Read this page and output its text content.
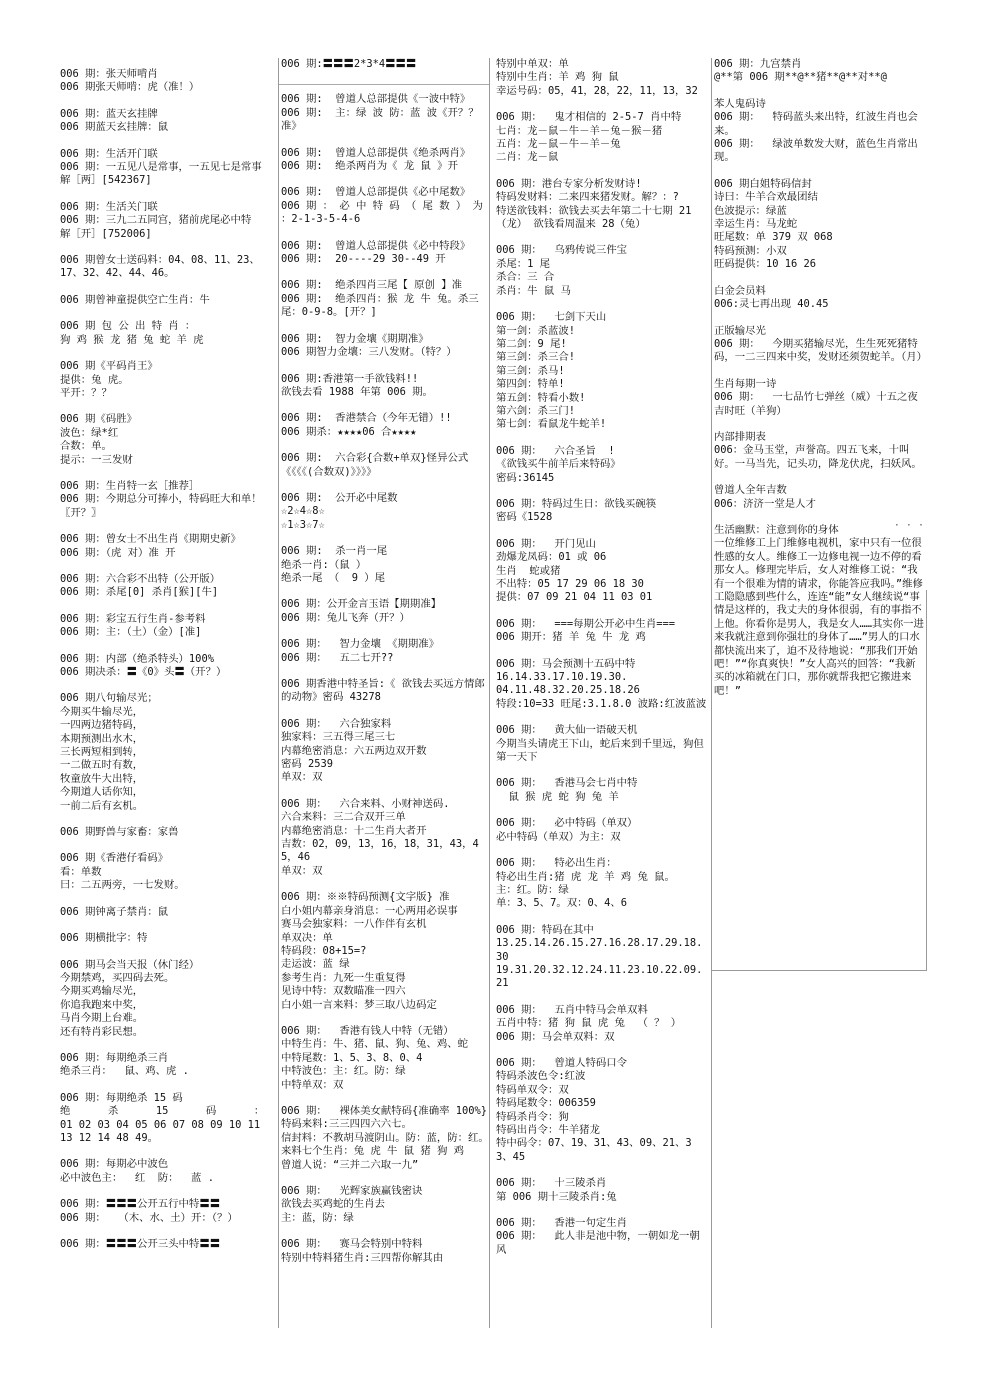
006 期：张天师啃肖
006 期张天师啃：虎（准！）
006 期：蓝天玄挂牌
006 期蓝天玄挂牌：鼠
006 期：生活开门联
006 期：一五见八是常事，一五见七是常事
解［两］[542367]
006 期：生活关门联
006 期：三九二五同宫，猪前虎尾必中特
解［开］[752006]
006 期曾女士送码料：04、08、11、23、17、32、42、44、46。
006 期曾神童提供空亡生肖：牛
006 期 包 公 出 特 肖 ：
狗 鸡 猴 龙 猪 兔 蛇 羊 虎
006 期《平码肖王》
提供：兔 虎。
平开：？？
006 期《码胜》
波色：绿*红
合数：单。
提示：一三发财
006 期：生肖特一玄［推荐］
006 期：今期总分可捧小，特码旺大和单！〖开？〗
006 期：曾女士不出生肖《期期史新》
006 期：（虎 对）准 开
006 期：六合彩不出特（公开版）
006 期：杀尾[0] 杀肖[猴][牛]
006 期：彩宝五行生肖-参考料
006 期：主：（土）（金）[准]
006 期：内部（绝杀特头）100%
006 期决杀：〓《0》头〓（开？）
006 期八句输尽光；
今期买牛输尽光，
一四两边猪特码，
本期预测出水木，
三长两短相到转，
一二做五时有数，
牧童放牛大出特，
今期道人话你知，
一前二后有玄机。
006 期野兽与家畜：家兽
006 期《香港仔看码》
看：单数
曰：二五两旁，一七发财。
006 期钟离子禁肖：鼠
006 期横批字：特
006 期马会当天报（休门经）
今期禁鸡，买四码去死。
今期买鸡输尽光，
你追我跑来中奖，
马肖今期上台难。
还有特肖彩民想。
006 期：每期绝杀三肖
绝杀三肖：  鼠、鸡、虎 .
006 期：每期绝杀 15 码
绝      杀      15      码      ：
01 02 03 04 05 06 07 08 09 10 11 13 12 14 48 49。
006 期：每期必中波色
必中波色主：  红  防：  蓝 .
006 期：〓〓〓公开五行中特〓〓
006 期：  （木、水、土）开：（？）
006 期：〓〓〓公开三头中特〓〓
006 期:〓〓〓2*3*4〓〓〓
006 期:  曾道人总部提供《一波中特》
006 期:  主：绿 波 防：蓝 波《开？？准》
006 期:  曾道人总部提供《绝杀两肖》
006 期:  绝杀两肖为《 龙 鼠 》开
006 期:  曾道人总部提供《必中尾数》
006 期 ： 必 中 特 码 （ 尾 数 ） 为 ：2-1-3-5-4-6
006 期:  曾道人总部提供《必中特段》
006 期:  20----29 30--49 开
006 期:  绝杀四肖三尾【 原创 】准
006 期:  绝杀四肖：猴 龙 牛 兔。杀三尾：0-9-8。[开？]
006 期:  智力金壤《期期准》
006 期智力金壤：三八发财。（特？）
006 期:香港第一手欲钱料!!
欲钱去看 1988 年第 006 期。
006 期:  香港禁合（今年无错）!!
006 期杀：★★★★06 合★★★★
006 期:  六合彩{合数+单双}怪异公式
《《《《(合数双)》》》》
006 期:  公开必中尾数
☆2☆4☆8☆
☆1☆3☆7☆
006 期:  杀一肖一尾
绝杀一肖:（鼠 ）
绝杀一尾 （  9 ）尾
006 期：公开金言玉语【期期准】
006 期：兔儿飞奔（开？）
006 期：  智力金壤 《期期准》
006 期：  五二七开??
006 期香港中特圣旨:《 欲钱去买远方情郎的动物》密码 43278
006 期：  六合独家料
独家料：三五得三尾三七
内幕绝密消息：六五两边双开数
密码 2539
单双：双
006 期：  六合来料、小财神送码.
六合来料：三二合双开三单
内幕绝密消息：十二生肖大者开
吉数：02，09，13，16，18，31，43，45，46
单双：双
006 期：※※特码预测{文字版} 准
白小姐内幕亲身消息：一心两用必误事
赛马会独家料：一八作伴有玄机
单双决：单
特码段：08+15=?
走运波：蓝 绿
参考生肖：九死一生重复得
见诗中特：双数瞄准一四六
白小姐一言来料：梦三取八边码定
006 期：  香港有钱人中特（无错）
中特生肖：牛、猪、鼠、狗、兔、鸡、蛇
中特尾数：1、5、3、8、0、4
中特波色：主：红。防：绿
中特单双：双
006 期：  裸体美女献特码{准确率 100%}
特码来料:三三四四六六七。
信封料：不教胡马渡阴山。防：蓝，防：红。
来料七个生肖：兔 虎 牛 鼠 猪 狗 鸡
曾道人说：“三并二六取一九”
006 期：  光辉家族赢钱密诀
欲钱去买鸡蛇的生肖去
主：蓝，防：绿
006 期：  赛马会特别中特料
特别中特料猪生肖:三四帮你解其由
特别中单双：单
特别中生肖：羊 鸡 狗 鼠
幸运号码：05，41，28，22，11，13，32
006 期：  鬼才相信的 2-5-7 肖中特
七肖：龙－鼠－牛－羊－兔－猴－猪
五肖：龙－鼠－牛－羊－兔
二肖：龙－鼠
006 期：港台专家分析发财诗!
特码发财料：二来四来猪发财。解？：?
特送欲钱料：欲钱去买去年第二十七期 21（龙） 欲钱看周温来 28（兔）
006 期：  乌鸦传说三件宝
杀尾：1 尾
杀合：三 合
杀肖：牛 鼠 马
006 期：  七剑下天山
第一剑：杀蓝波!
第二剑：9 尾!
第三剑：杀三合!
第三剑：杀马!
第四剑：特单!
第五剑：特看小数!
第六剑：杀三门!
第七剑：看鼠龙牛蛇羊!
006 期：  六合圣旨  !
《欲钱买牛前羊后来特码》
密码:36145
006 期：特码过生日：欲钱买碗筷
密码《1528
006 期：  开门见山
劲爆龙凤码：01 或 06
生肖  蛇或猪
不出特：05 17 29 06 18 30
提供：07 09 21 04 11 03 01
006 期：  ===每期公开必中生肖===
006 期开：猪 羊 兔 牛 龙 鸡
006 期：马会预测十五码中特
16.14.33.17.10.19.30.
04.11.48.32.20.25.18.26
特段:10=33 旺尾:3.1.8.0 波路:红波蓝波
006 期：  黄大仙一语破天机
今期当头请虎王下山，蛇后来到千里远，狗但第一天下
006 期：  香港马会七肖中特
鼠 猴 虎 蛇 狗 兔 羊
006 期：  必中特码（单双）
必中特码（单双）为主：双
006 期：  特必出生肖：
特必出生肖:猪 虎 龙 羊 鸡 兔 鼠。
主：红。防：绿
单：3、5、7。双：0、4、6
006 期：特码在其中
13.25.14.26.15.27.16.28.17.29.18.30
19.31.20.32.12.24.11.23.10.22.09.21
006 期：  五肖中特马会单双料
五肖中特：猪 狗 鼠 虎 兔  （ ？ ）
006 期：马会单双料：双
006 期：  曾道人特码口令
特码杀波色令:红波
特码单双令：双
特码尾数令：006359
特码杀肖令：狗
特码出肖令：牛羊猪龙
特中码令：07、19、31、43、09、21、33、45
006 期：  十三陵杀肖
第 006 期十三陵杀肖:兔
006 期：  香港一句定生肖
006 期：  此人非是池中物，一朝如龙一朝风
006 期：九宫禁肖
@**第 006 期**@**猪**@**对**@
苯人鬼码诗
006 期：  特码蓝头来出特，红波生肖也会来。
006 期：  绿波单数发大财，蓝色生肖常出现。
006 期白姐特码信封
诗曰：牛羊合欢最团结
色波提示：绿蓝
幸运生肖：马龙蛇
旺尾数：单 379 双 068
特码预测：小双
旺码提供：10 16 26
白金会员料
006:灵七再出现 40.45
正版输尽光
006 期：  今期买猪输尽光，生生死死猪特码，一二三四来中奖，发财还须贺蛇羊。（月）
生肖每期一诗
006 期：  一七品竹七弹丝（威）十五之夜吉时旺（羊狗）
内部排期表
006：金马玉堂，声誉高。四五飞来，十叫好。一马当先，记头功，降龙伏虎，扫妖风。
曾道人全年吉数
006：济济一堂是人才
生活幽默：注意到你的身体
一位维修工上门维修电视机，家中只有一位很性感的女人。维修工一边修电视一边不停的看那女人。修理完毕后，女人对维修工说：“我有一个很难为情的请求，你能答应我吗。”维修工隐隐感到些什么，连连“能”女人继续说“事情是这样的，我丈夫的身体很弱，有的事指不上他。你看你是男人，我是女人……其实你一进来我就注意到你强壮的身体了……”男人的口水都快流出来了，迫不及待地说：“那我们开始吧！”“你真爽快！”女人高兴的回答：“我新买的冰箱就在门口，那你就帮我把它搬进来吧！”
· · ·
